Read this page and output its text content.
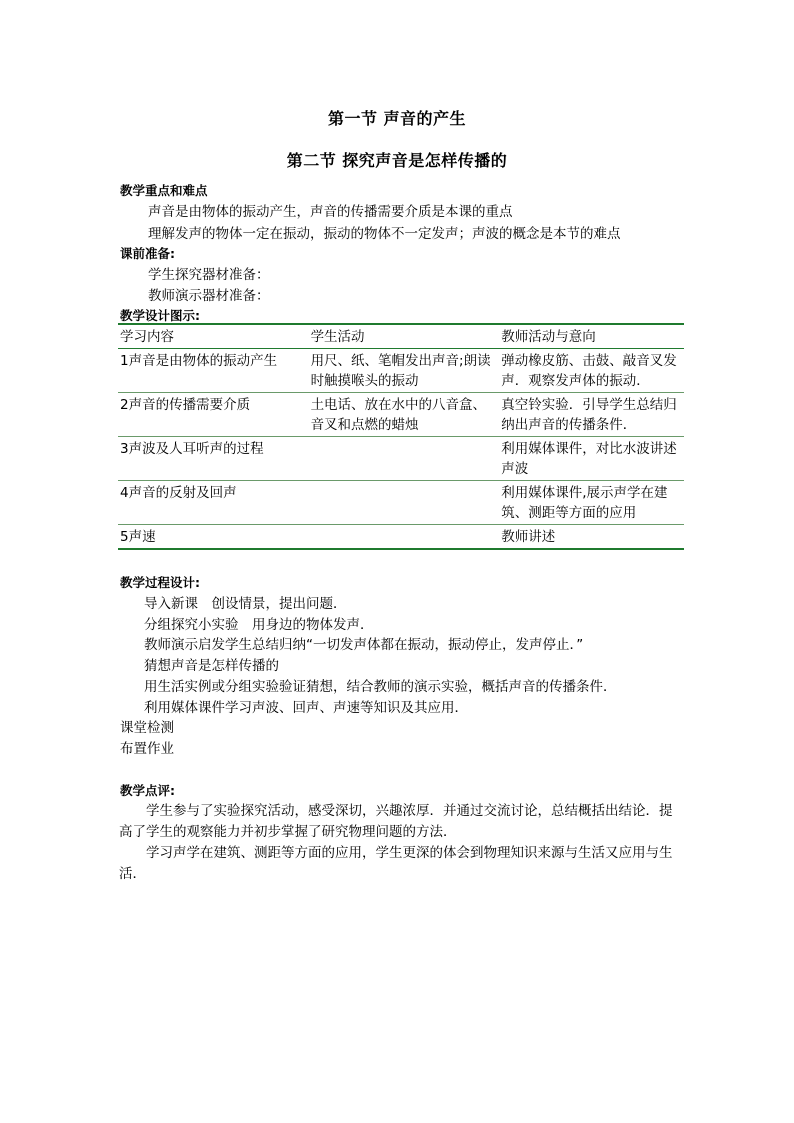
第一节 声音的产生
第二节 探究声音是怎样传播的
教学重点和难点
声音是由物体的振动产生，声音的传播需要介质是本课的重点
理解发声的物体一定在振动，振动的物体不一定发声；声波的概念是本节的难点
课前准备:
学生探究器材准备：
教师演示器材准备：
教学设计图示:
学习内容	学生活动	教师活动与意向
1声音是由物体的振动产生	用尺、纸、笔帽发出声音;朗读时触摸喉头的振动	弹动橡皮筋、击鼓、敲音叉发声．观察发声体的振动．
2声音的传播需要介质	土电话、放在水中的八音盒、音叉和点燃的蜡烛	真空铃实验．引导学生总结归纳出声音的传播条件．
3声波及人耳听声的过程		利用媒体课件，对比水波讲述声波
4声音的反射及回声		利用媒体课件,展示声学在建筑、测距等方面的应用
5声速		教师讲述
教学过程设计:
导入新课　创设情景，提出问题．
分组探究小实验　用身边的物体发声．
教师演示启发学生总结归纳“一切发声体都在振动，振动停止，发声停止．”
猜想声音是怎样传播的
用生活实例或分组实验验证猜想，结合教师的演示实验，概括声音的传播条件．
利用媒体课件学习声波、回声、声速等知识及其应用．
课堂检测
布置作业
教学点评:
学生参与了实验探究活动，感受深切，兴趣浓厚．并通过交流讨论，总结概括出结论．提高了学生的观察能力并初步掌握了研究物理问题的方法．
学习声学在建筑、测距等方面的应用，学生更深的体会到物理知识来源与生活又应用与生活．
